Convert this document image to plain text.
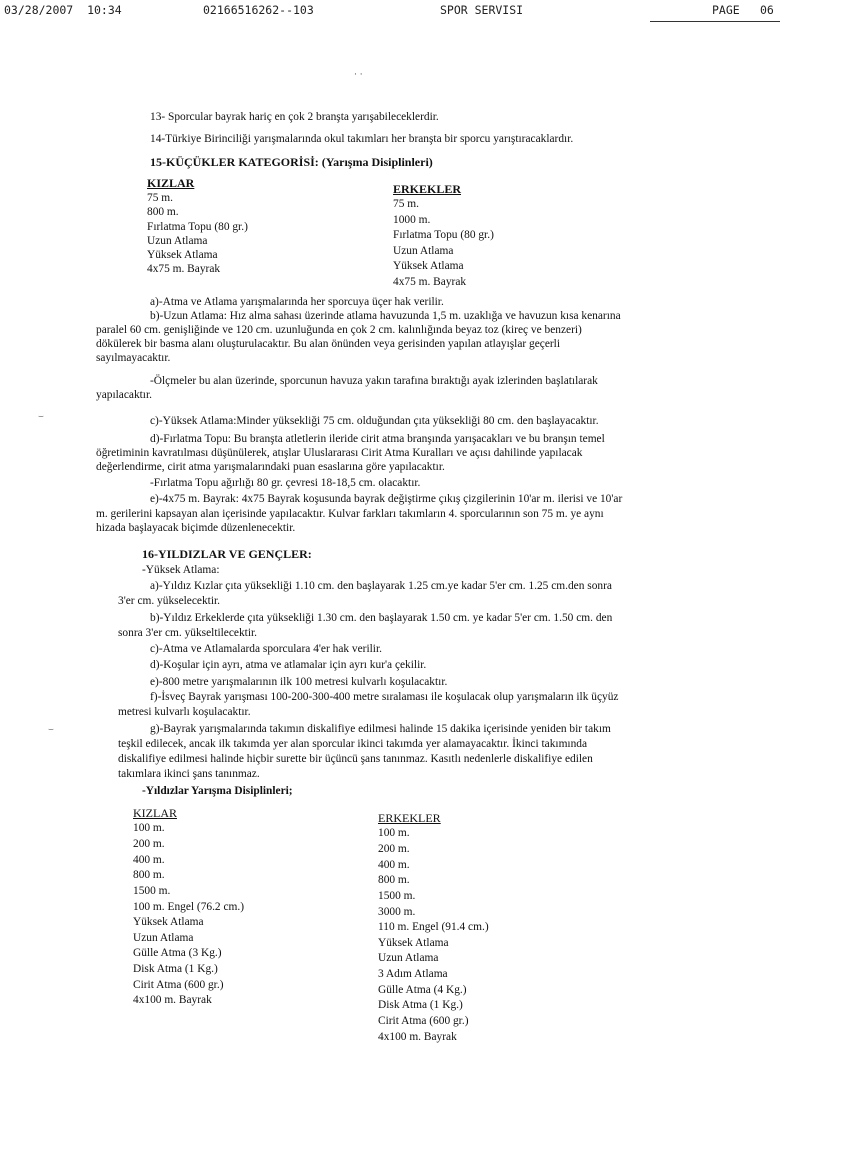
03/28/2007  10:34	02166516262--103	SPOR SERVISI	PAGE 06
· ·
⌣
⌣
13- Sporcular bayrak hariç en çok 2 branşta yarışabileceklerdir.
14-Türkiye Birinciliği yarışmalarında okul takımları her branşta bir sporcu yarıştıracaklardır.
15-KÜÇÜKLER KATEGORİSİ: (Yarışma Disiplinleri)
KIZLAR
75 m.
800 m.
Fırlatma Topu (80 gr.)
Uzun Atlama
Yüksek Atlama
4x75 m. Bayrak
ERKEKLER
75 m.
1000 m.
Fırlatma Topu (80 gr.)
Uzun Atlama
Yüksek Atlama
4x75 m. Bayrak
a)-Atma ve Atlama yarışmalarında her sporcuya üçer hak verilir.
b)-Uzun Atlama: Hız alma sahası üzerinde atlama havuzunda 1,5 m. uzaklığa ve havuzun kısa kenarına
paralel 60 cm. genişliğinde ve 120 cm. uzunluğunda en çok 2 cm. kalınlığında beyaz toz (kireç ve benzeri)
dökülerek bir basma alanı oluşturulacaktır. Bu alan önünden veya gerisinden yapılan atlayışlar geçerli
sayılmayacaktır.
-Ölçmeler bu alan üzerinde, sporcunun havuza yakın tarafına bıraktığı ayak izlerinden başlatılarak
yapılacaktır.
c)-Yüksek Atlama:Minder yüksekliği 75 cm. olduğundan çıta yüksekliği 80 cm. den başlayacaktır.
d)-Fırlatma Topu: Bu branşta atletlerin ileride cirit atma branşında yarışacakları ve bu branşın temel
öğretiminin kavratılması düşünülerek, atışlar Uluslararası Cirit Atma Kuralları ve açısı dahilinde yapılacak
değerlendirme, cirit atma yarışmalarındaki puan esaslarına göre yapılacaktır.
-Fırlatma Topu ağırlığı 80 gr. çevresi 18-18,5 cm. olacaktır.
e)-4x75 m. Bayrak: 4x75 Bayrak koşusunda bayrak değiştirme çıkış çizgilerinin 10'ar m. ilerisi ve 10'ar
m. gerilerini kapsayan alan içerisinde yapılacaktır. Kulvar farkları takımların 4. sporcularının son 75 m. ye aynı
hizada başlayacak biçimde düzenlenecektir.
16-YILDIZLAR VE GENÇLER:
-Yüksek Atlama:
a)-Yıldız Kızlar çıta yüksekliği 1.10 cm. den başlayarak 1.25 cm.ye kadar 5'er cm. 1.25 cm.den sonra
3'er cm. yükselecektir.
b)-Yıldız Erkeklerde çıta yüksekliği 1.30 cm. den başlayarak 1.50 cm. ye kadar 5'er cm. 1.50 cm. den
sonra 3'er cm. yükseltilecektir.
c)-Atma ve Atlamalarda sporculara 4'er hak verilir.
d)-Koşular için ayrı, atma ve atlamalar için ayrı kur'a çekilir.
e)-800 metre yarışmalarının ilk 100 metresi kulvarlı koşulacaktır.
f)-İsveç Bayrak yarışması 100-200-300-400 metre sıralaması ile koşulacak olup yarışmaların ilk üçyüz
metresi kulvarlı koşulacaktır.
g)-Bayrak yarışmalarında takımın diskalifiye edilmesi halinde 15 dakika içerisinde yeniden bir takım
teşkil edilecek, ancak ilk takımda yer alan sporcular ikinci takımda yer alamayacaktır. İkinci takımında
diskalifiye edilmesi halinde hiçbir surette bir üçüncü şans tanınmaz. Kasıtlı nedenlerle diskalifiye edilen
takımlara ikinci şans tanınmaz.
-Yıldızlar Yarışma Disiplinleri;
KIZLAR
100 m.
200 m.
400 m.
800 m.
1500 m.
100 m. Engel (76.2 cm.)
Yüksek Atlama
Uzun Atlama
Gülle Atma (3 Kg.)
Disk Atma (1 Kg.)
Cirit Atma (600 gr.)
4x100 m. Bayrak
ERKEKLER
100 m.
200 m.
400 m.
800 m.
1500 m.
3000 m.
110 m. Engel (91.4 cm.)
Yüksek Atlama
Uzun Atlama
3 Adım Atlama
Gülle Atma (4 Kg.)
Disk Atma (1 Kg.)
Cirit Atma (600 gr.)
4x100 m. Bayrak
